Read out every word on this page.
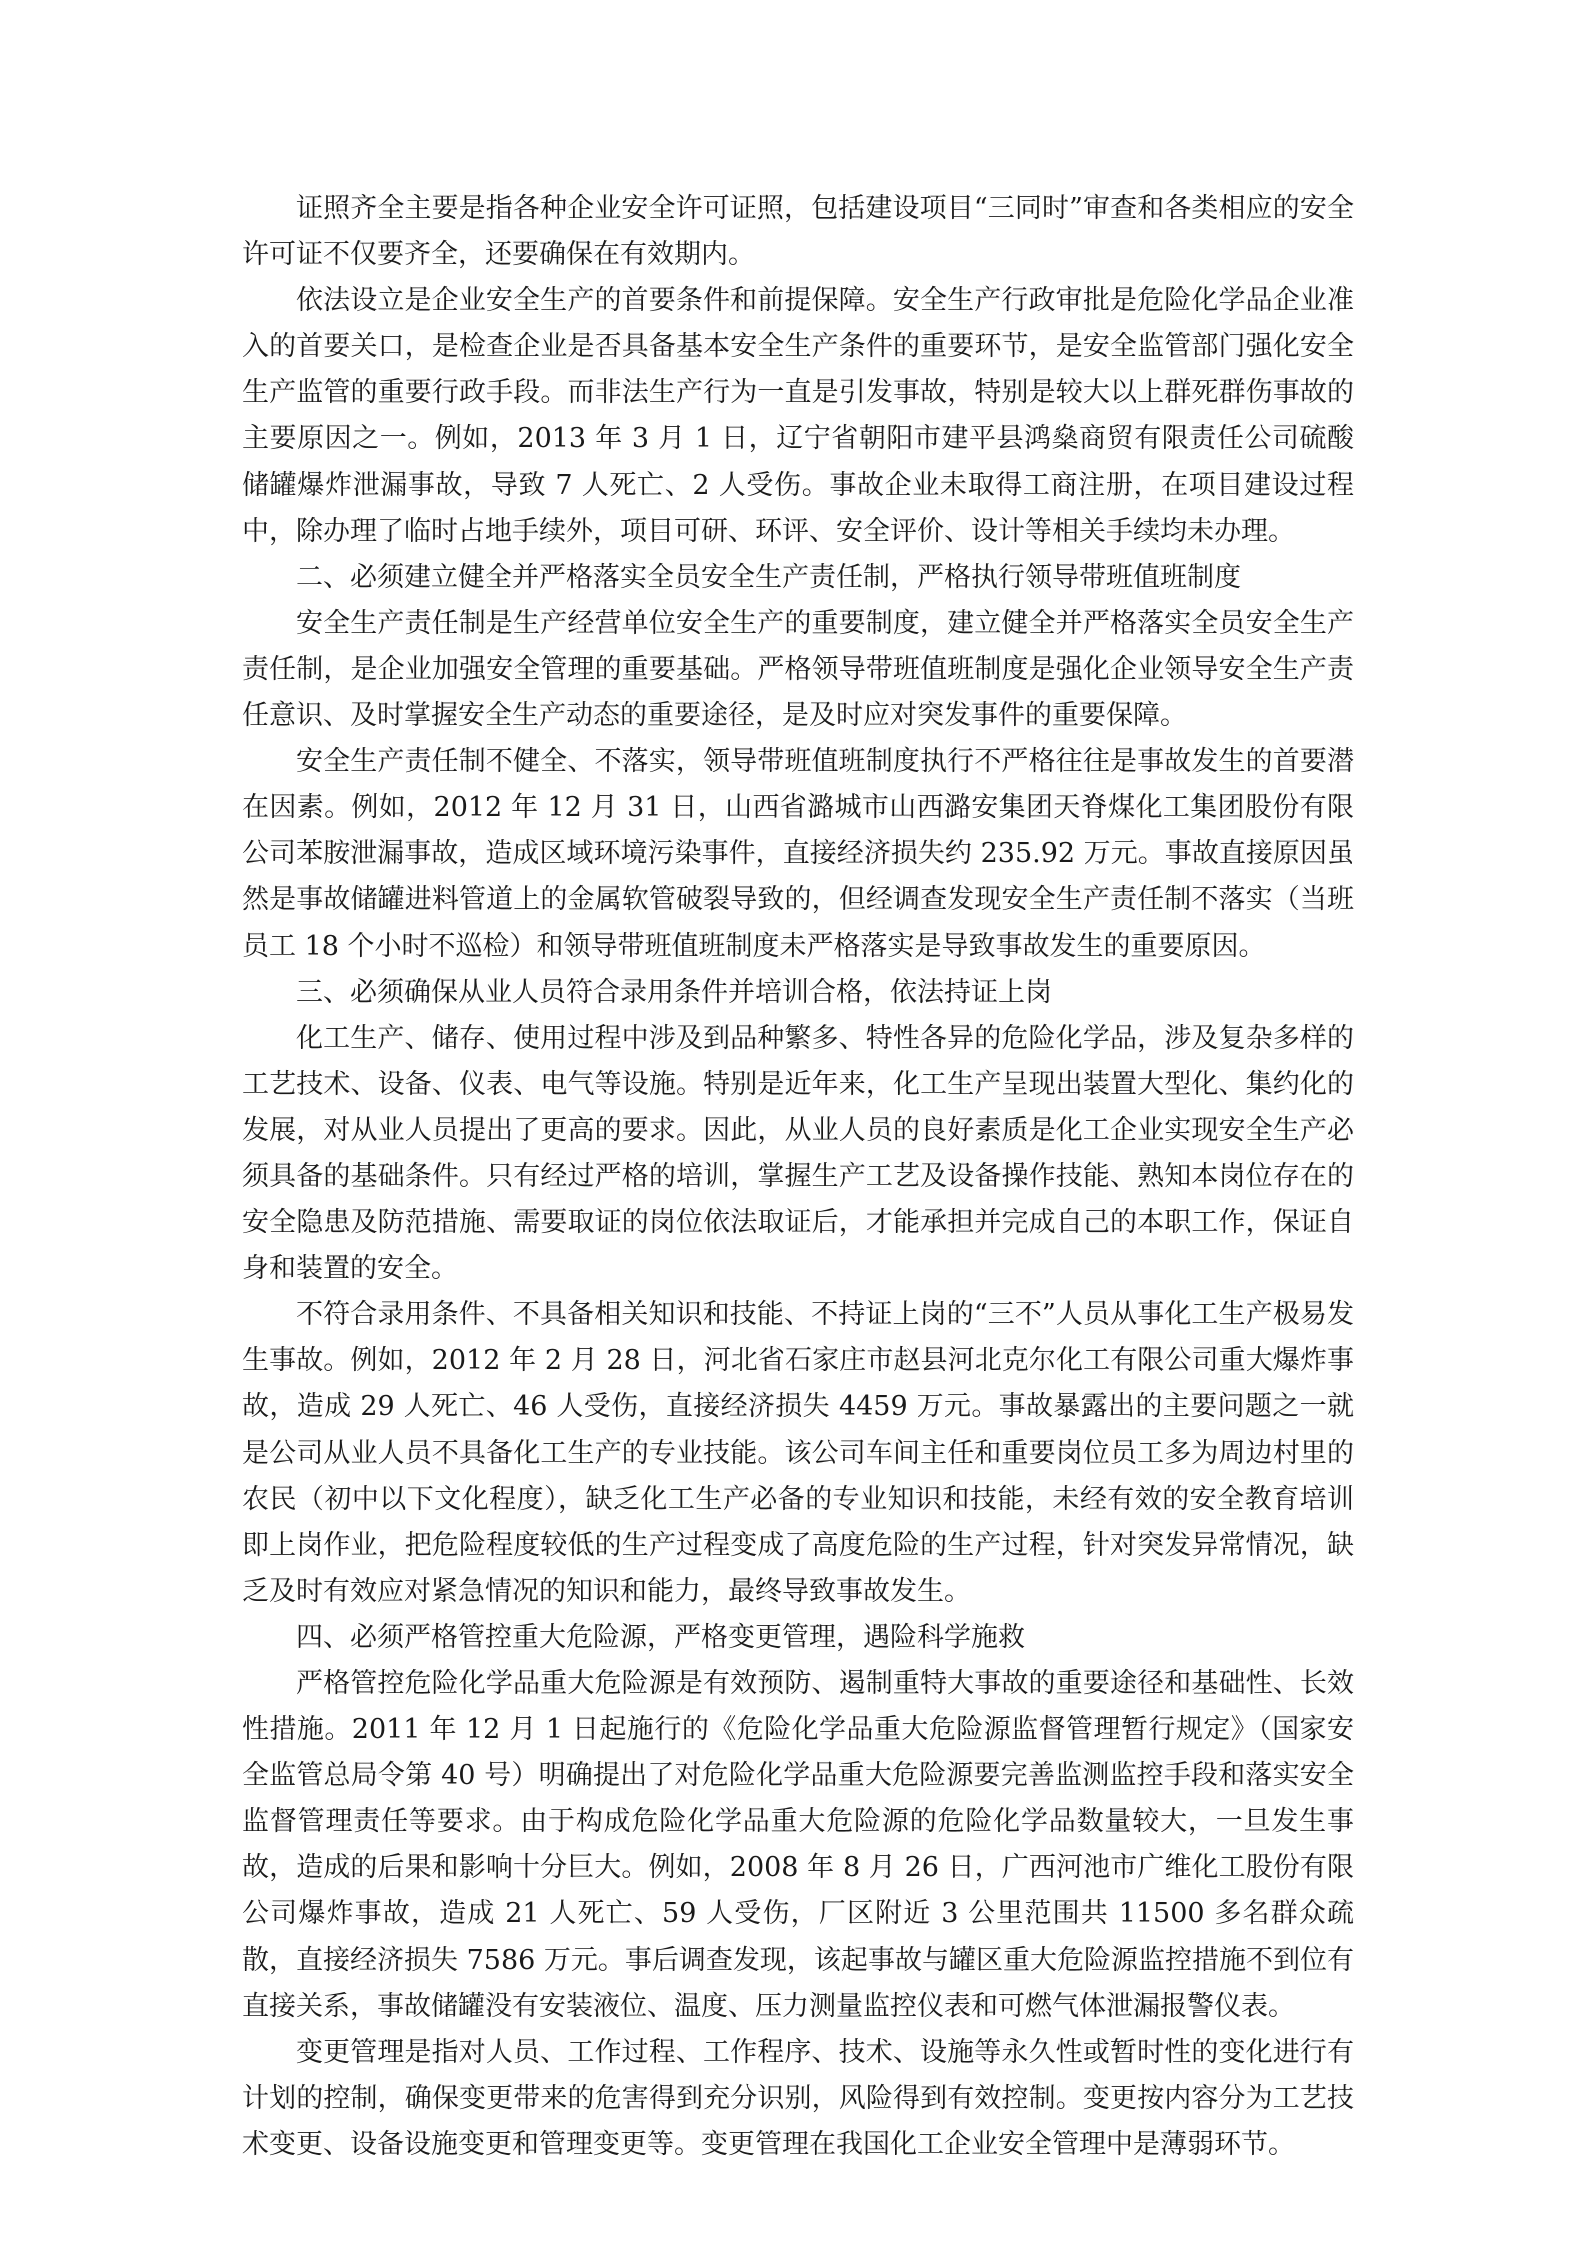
证照齐全主要是指各种企业安全许可证照，包括建设项目“三同时”审查和各类相应的安全许可证不仅要齐全，还要确保在有效期内。

依法设立是企业安全生产的首要条件和前提保障。安全生产行政审批是危险化学品企业准入的首要关口，是检查企业是否具备基本安全生产条件的重要环节，是安全监管部门强化安全生产监管的重要行政手段。而非法生产行为一直是引发事故，特别是较大以上群死群伤事故的主要原因之一。例如，2013 年 3 月 1 日，辽宁省朝阳市建平县鸿燊商贸有限责任公司硫酸储罐爆炸泄漏事故，导致 7 人死亡、2 人受伤。事故企业未取得工商注册，在项目建设过程中，除办理了临时占地手续外，项目可研、环评、安全评价、设计等相关手续均未办理。

二、必须建立健全并严格落实全员安全生产责任制，严格执行领导带班值班制度

安全生产责任制是生产经营单位安全生产的重要制度，建立健全并严格落实全员安全生产责任制，是企业加强安全管理的重要基础。严格领导带班值班制度是强化企业领导安全生产责任意识、及时掌握安全生产动态的重要途径，是及时应对突发事件的重要保障。

安全生产责任制不健全、不落实，领导带班值班制度执行不严格往往是事故发生的首要潜在因素。例如，2012 年 12 月 31 日，山西省潞城市山西潞安集团天脊煤化工集团股份有限公司苯胺泄漏事故，造成区域环境污染事件，直接经济损失约 235.92 万元。事故直接原因虽然是事故储罐进料管道上的金属软管破裂导致的，但经调查发现安全生产责任制不落实（当班员工 18 个小时不巡检）和领导带班值班制度未严格落实是导致事故发生的重要原因。

三、必须确保从业人员符合录用条件并培训合格，依法持证上岗

化工生产、储存、使用过程中涉及到品种繁多、特性各异的危险化学品，涉及复杂多样的工艺技术、设备、仪表、电气等设施。特别是近年来，化工生产呈现出装置大型化、集约化的发展，对从业人员提出了更高的要求。因此，从业人员的良好素质是化工企业实现安全生产必须具备的基础条件。只有经过严格的培训，掌握生产工艺及设备操作技能、熟知本岗位存在的安全隐患及防范措施、需要取证的岗位依法取证后，才能承担并完成自己的本职工作，保证自身和装置的安全。

不符合录用条件、不具备相关知识和技能、不持证上岗的“三不”人员从事化工生产极易发生事故。例如，2012 年 2 月 28 日，河北省石家庄市赵县河北克尔化工有限公司重大爆炸事故，造成 29 人死亡、46 人受伤，直接经济损失 4459 万元。事故暴露出的主要问题之一就是公司从业人员不具备化工生产的专业技能。该公司车间主任和重要岗位员工多为周边村里的农民（初中以下文化程度），缺乏化工生产必备的专业知识和技能，未经有效的安全教育培训即上岗作业，把危险程度较低的生产过程变成了高度危险的生产过程，针对突发异常情况，缺乏及时有效应对紧急情况的知识和能力，最终导致事故发生。

四、必须严格管控重大危险源，严格变更管理，遇险科学施救

严格管控危险化学品重大危险源是有效预防、遏制重特大事故的重要途径和基础性、长效性措施。2011 年 12 月 1 日起施行的《危险化学品重大危险源监督管理暂行规定》（国家安全监管总局令第 40 号）明确提出了对危险化学品重大危险源要完善监测监控手段和落实安全监督管理责任等要求。由于构成危险化学品重大危险源的危险化学品数量较大，一旦发生事故，造成的后果和影响十分巨大。例如，2008 年 8 月 26 日，广西河池市广维化工股份有限公司爆炸事故，造成 21 人死亡、59 人受伤，厂区附近 3 公里范围共 11500 多名群众疏散，直接经济损失 7586 万元。事后调查发现，该起事故与罐区重大危险源监控措施不到位有直接关系，事故储罐没有安装液位、温度、压力测量监控仪表和可燃气体泄漏报警仪表。

变更管理是指对人员、工作过程、工作程序、技术、设施等永久性或暂时性的变化进行有计划的控制，确保变更带来的危害得到充分识别，风险得到有效控制。变更按内容分为工艺技术变更、设备设施变更和管理变更等。变更管理在我国化工企业安全管理中是薄弱环节。
